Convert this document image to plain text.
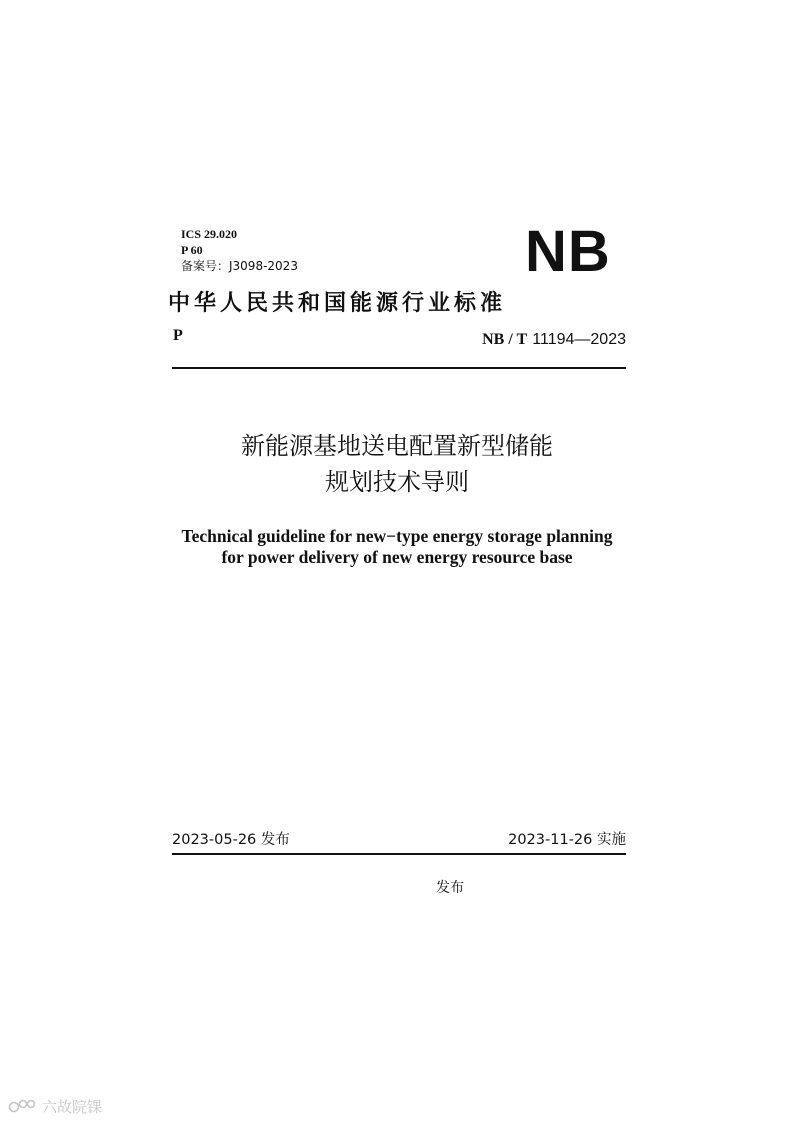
ICS 29.020
P 60
备案号：J3098-2023	NB
中华人民共和国能源行业标准
P	NB / T 11194—2023
新能源基地送电配置新型储能
规划技术导则
Technical guideline for new−type energy storage planning
for power delivery of new energy resource base
2023-05-26 发布	2023-11-26 实施
发布
六故院锞
